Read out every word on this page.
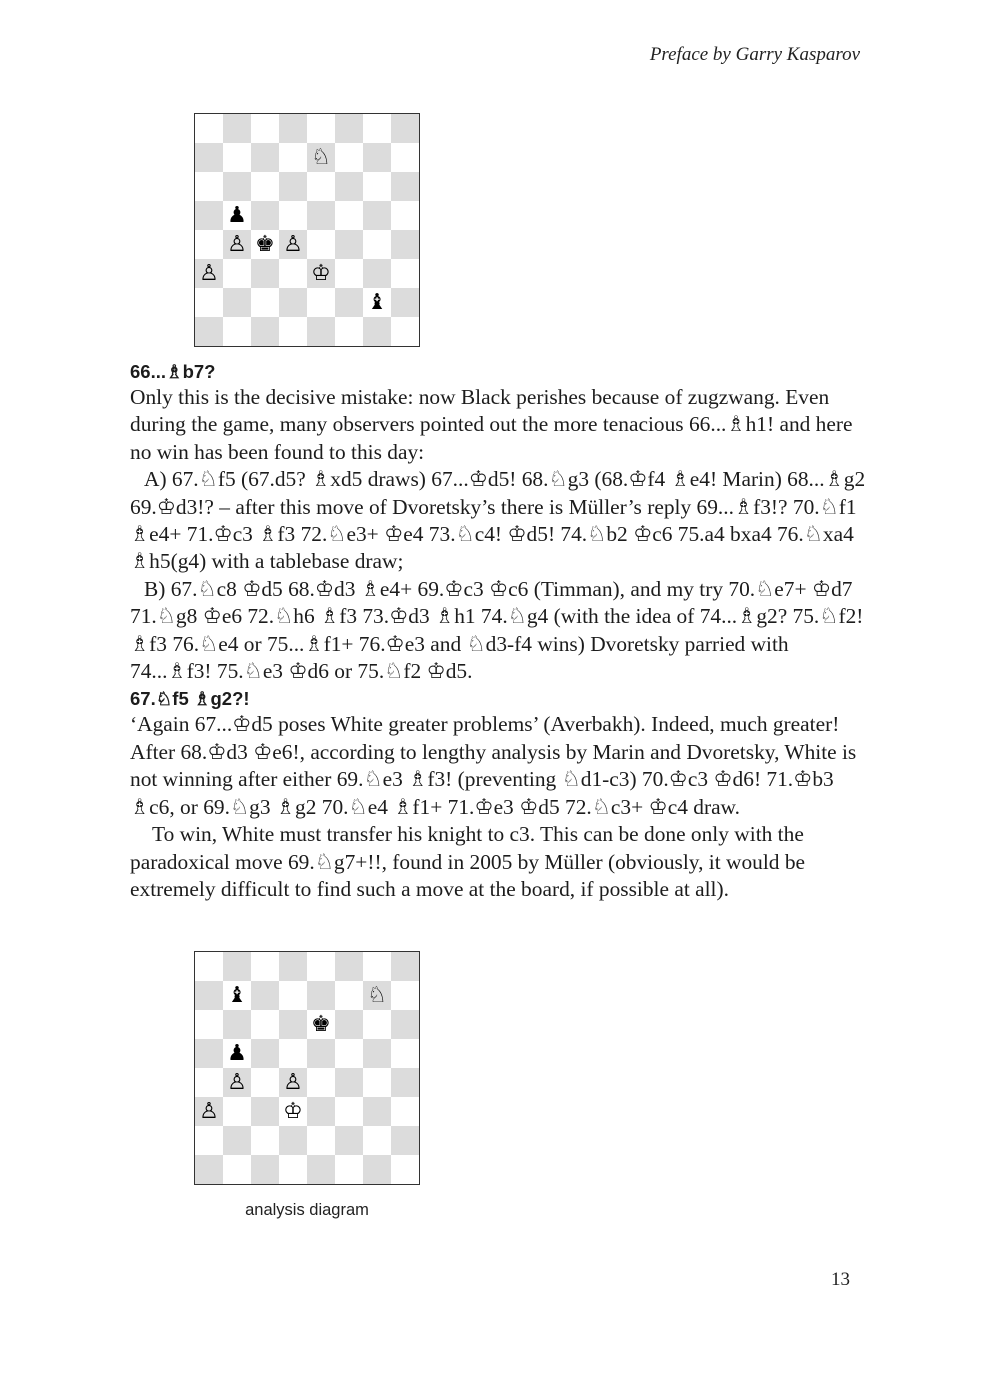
Preface by Garry Kasparov
♘
♟
♙ ♚ ♙
♙	♔
♝

66...♗b7?

Only this is the decisive mistake: now Black perishes because of zugzwang. Even during the game, many observers pointed out the more tenacious 66...♗h1! and here no win has been found to this day:

A) 67.♘f5 (67.d5? ♗xd5 draws) 67...♔d5! 68.♘g3 (68.♔f4 ♗e4! Marin) 68...♗g2 69.♔d3!? – after this move of Dvoretsky’s there is Müller’s reply 69...♗f3!? 70.♘f1 ♗e4+ 71.♔c3 ♗f3 72.♘e3+ ♔e4 73.♘c4! ♔d5! 74.♘b2 ♔c6 75.a4 bxa4 76.♘xa4 ♗h5(g4) with a tablebase draw;

B) 67.♘c8 ♔d5 68.♔d3 ♗e4+ 69.♔c3 ♔c6 (Timman), and my try 70.♘e7+ ♔d7 71.♘g8 ♔e6 72.♘h6 ♗f3 73.♔d3 ♗h1 74.♘g4 (with the idea of 74...♗g2? 75.♘f2! ♗f3 76.♘e4 or 75...♗f1+ 76.♔e3 and ♘d3-f4 wins) Dvoretsky parried with 74...♗f3! 75.♘e3 ♔d6 or 75.♘f2 ♔d5.

67.♘f5 ♗g2?!

‘Again 67...♔d5 poses White greater problems’ (Averbakh). Indeed, much greater! After 68.♔d3 ♔e6!, according to lengthy analysis by Marin and Dvoretsky, White is not winning after either 69.♘e3 ♗f3! (preventing ♘d1-c3) 70.♔c3 ♔d6! 71.♔b3 ♗c6, or 69.♘g3 ♗g2 70.♘e4 ♗f1+ 71.♔e3 ♔d5 72.♘c3+ ♔c4 draw.

To win, White must transfer his knight to c3. This can be done only with the paradoxical move 69.♘g7+!!, found in 2005 by Müller (obviously, it would be extremely difficult to find such a move at the board, if possible at all).

♝	♘
♚
♟
♙ ♙
♙	♔
analysis diagram
13
